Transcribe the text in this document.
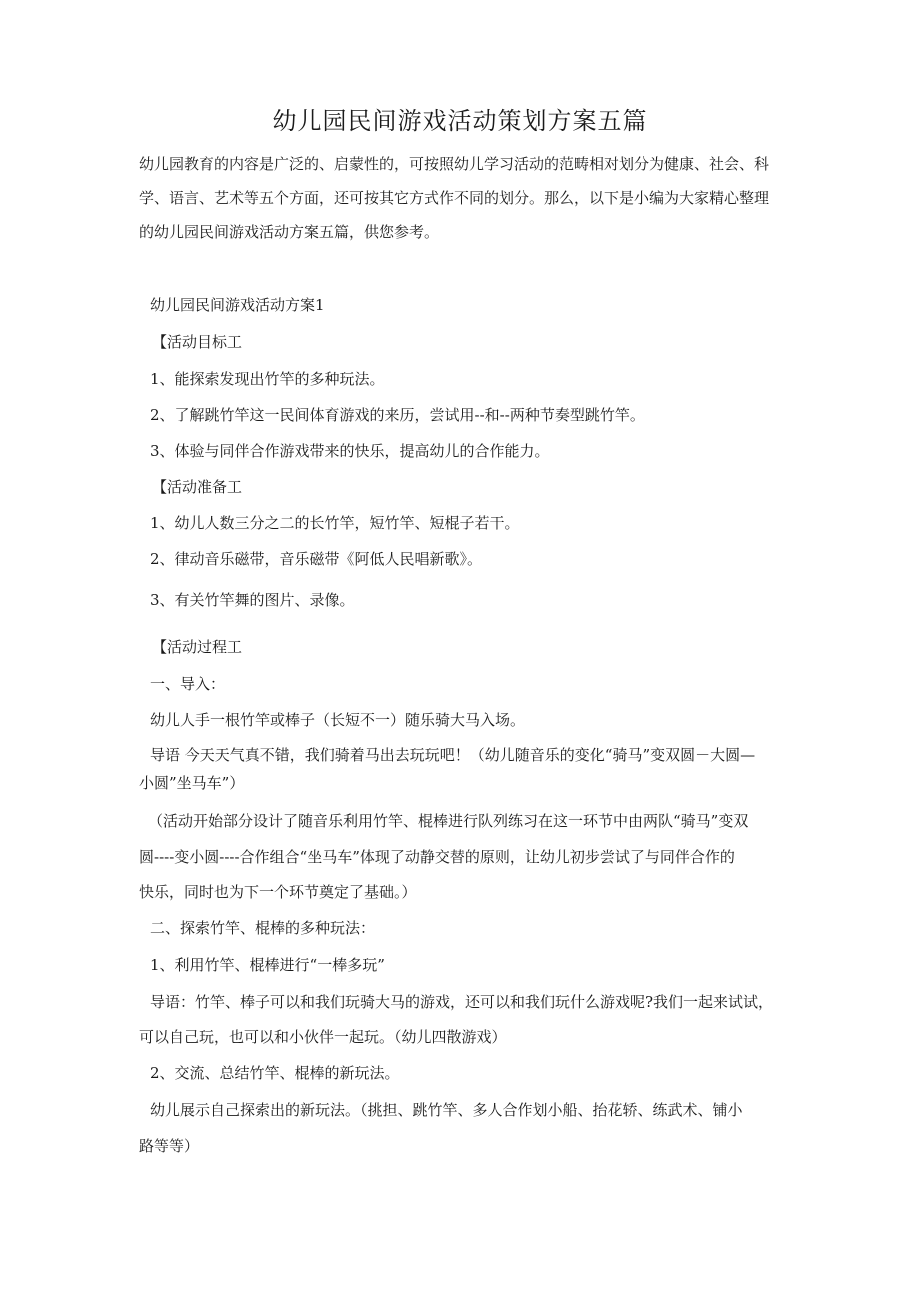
幼儿园民间游戏活动策划方案五篇
幼儿园教育的内容是广泛的、启蒙性的，可按照幼儿学习活动的范畴相对划分为健康、社会、科
学、语言、艺术等五个方面，还可按其它方式作不同的划分。那么，以下是小编为大家精心整理
的幼儿园民间游戏活动方案五篇，供您参考。
幼儿园民间游戏活动方案1
【活动目标工
1、能探索发现出竹竿的多种玩法。
2、了解跳竹竿这一民间体育游戏的来历，尝试用--和--两种节奏型跳竹竿。
3、体验与同伴合作游戏带来的快乐，提高幼儿的合作能力。
【活动准备工
1、幼儿人数三分之二的长竹竿，短竹竿、短棍子若干。
2、律动音乐磁带，音乐磁带《阿低人民唱新歌》。
3、有关竹竿舞的图片、录像。
【活动过程工
一、导入：
幼儿人手一根竹竿或棒子（长短不一）随乐骑大马入场。
导语 今天天气真不错，我们骑着马出去玩玩吧！（幼儿随音乐的变化“骑马”变双圆－大圆—
小圆”坐马车”）
（活动开始部分设计了随音乐利用竹竿、棍棒进行队列练习在这一环节中由两队“骑马”变双
圆----变小圆----合作组合“坐马车”体现了动静交替的原则，让幼儿初步尝试了与同伴合作的
快乐，同时也为下一个环节奠定了基础。）
二、探索竹竿、棍棒的多种玩法：
1、利用竹竿、棍棒进行“一棒多玩”
导语：竹竿、棒子可以和我们玩骑大马的游戏，还可以和我们玩什么游戏呢?我们一起来试试，
可以自己玩，也可以和小伙伴一起玩。（幼儿四散游戏）
2、交流、总结竹竿、棍棒的新玩法。
幼儿展示自己探索出的新玩法。（挑担、跳竹竿、多人合作划小船、抬花轿、练武术、铺小
路等等）
